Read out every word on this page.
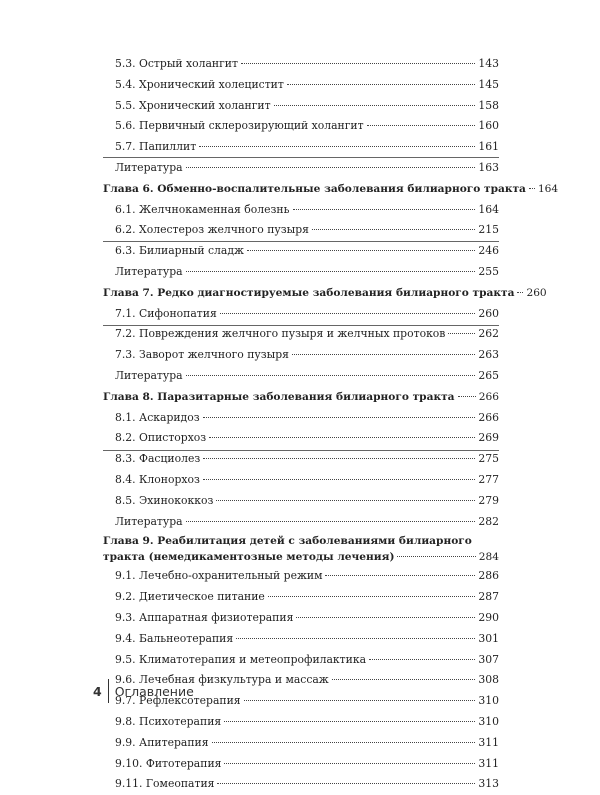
5.3. Острый холангит	143
5.4. Хронический холецистит	145
5.5. Хронический холангит	158
5.6. Первичный склерозирующий холангит	160
5.7. Папиллит	161
Литература	163
Глава 6. Обменно-воспалительные заболевания билиарного тракта 164
6.1. Желчнокаменная болезнь	164
6.2. Холестероз желчного пузыря	215
6.3. Билиарный сладж	246
Литература	255
Глава 7. Редко диагностируемые заболевания билиарного тракта 260
7.1. Сифонопатия	260
7.2. Повреждения желчного пузыря и желчных протоков	262
7.3. Заворот желчного пузыря	263
Литература	265
Глава 8. Паразитарные заболевания билиарного тракта 266
8.1. Аскаридоз	266
8.2. Описторхоз	269
8.3. Фасциолез	275
8.4. Клонорхоз	277
8.5. Эхинококкоз	279
Литература	282
Глава 9. Реабилитация детей с заболеваниями билиарного
тракта (немедикаментозные методы лечения)	284
9.1. Лечебно-охранительный режим	286
9.2. Диетическое питание	287
9.3. Аппаратная физиотерапия	290
9.4. Бальнеотерапия	301
9.5. Климатотерапия и метеопрофилактика	307
9.6. Лечебная физкультура и массаж	308
9.7. Рефлексотерапия	310
9.8. Психотерапия	310
9.9. Апитерапия	311
9.10. Фитотерапия	311
9.11. Гомеопатия	313
4 Оглавление
